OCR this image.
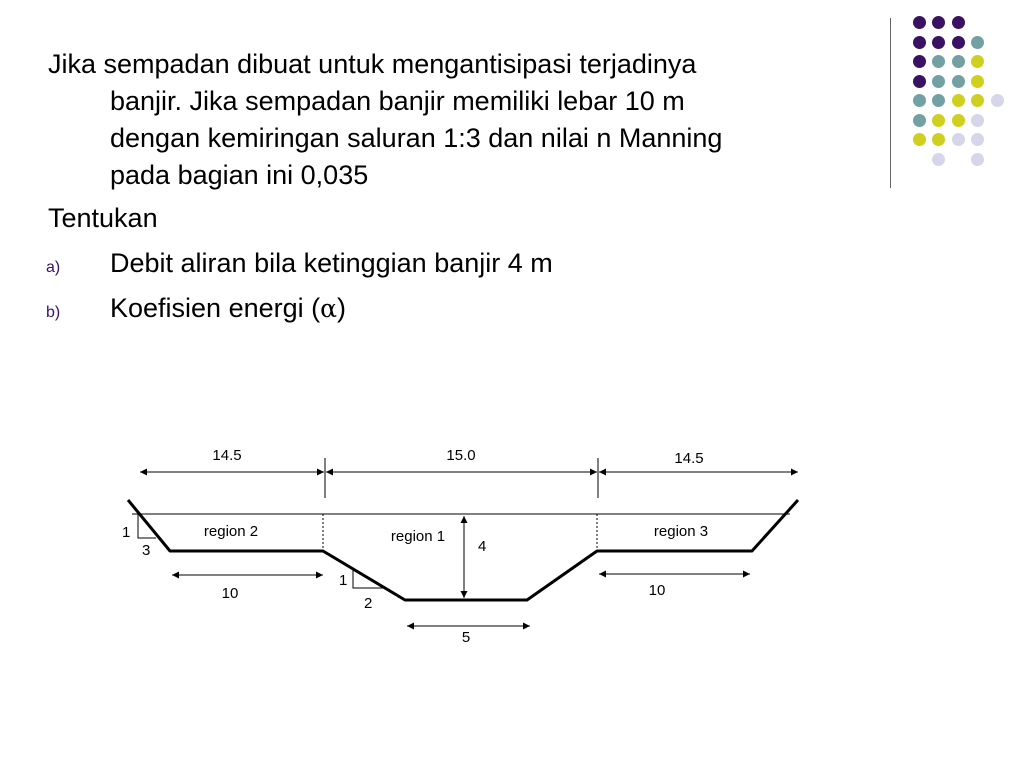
Jika sempadan dibuat untuk mengantisipasi terjadinya banjir. Jika sempadan banjir memiliki lebar 10 m dengan kemiringan saluran 1:3 dan nilai n Manning pada bagian ini 0,035

Tentukan

a) Debit aliran bila ketinggian banjir 4 m
b) Koefisien energi (α)
14.5	15.0	14.5
1
3
1
2
region 2	region 1	region 3
4
10	10
5
